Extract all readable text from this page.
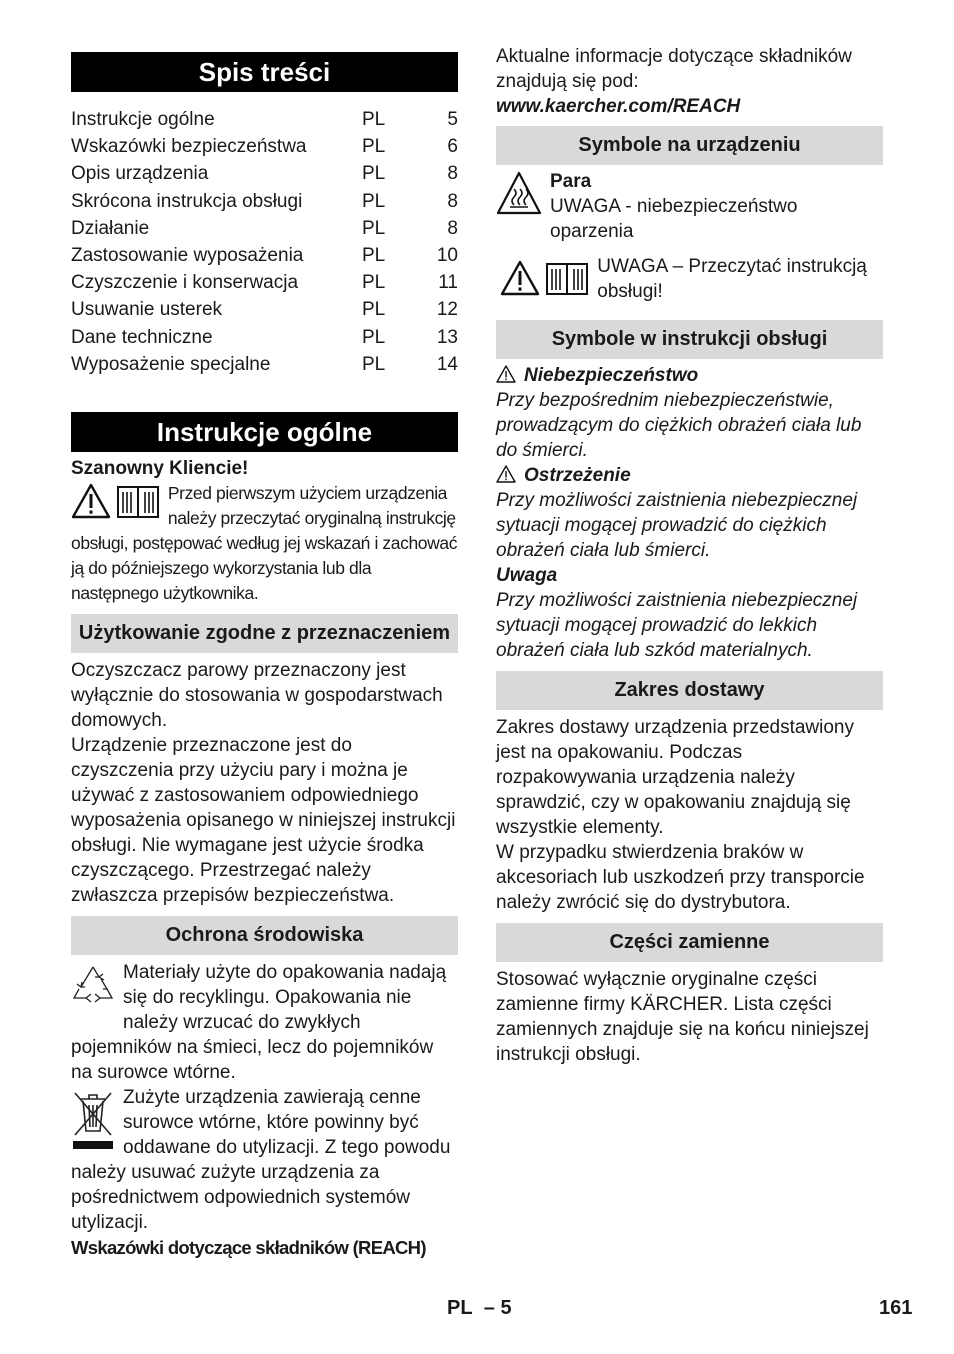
Spis treści
Instrukcje ogólne	PL	5
Wskazówki bezpieczeństwa	PL	6
Opis urządzenia	PL	8
Skrócona instrukcja obsługi	PL	8
Działanie	PL	8
Zastosowanie wyposażenia	PL	10
Czyszczenie i konserwacja	PL	11
Usuwanie usterek	PL	12
Dane techniczne	PL	13
Wyposażenie specjalne	PL	14
Instrukcje ogólne

Szanowny Kliencie!

Przed pierwszym użyciem urządzenia należy przeczytać oryginalną instrukcję obsługi, postępować według jej wskazań i zachować ją do późniejszego wykorzystania lub dla następnego użytkownika.

Użytkowanie zgodne z przeznaczeniem

Oczyszczacz parowy przeznaczony jest wyłącznie do stosowania w gospodarstwach domowych.

Urządzenie przeznaczone jest do czyszczenia przy użyciu pary i można je używać z zastosowaniem odpowiedniego wyposażenia opisanego w niniejszej instrukcji obsługi. Nie wymagane jest użycie środka czyszczącego. Przestrzegać należy zwłaszcza przepisów bezpieczeństwa.

Ochrona środowiska

Materiały użyte do opakowania nadają się do recyklingu. Opakowania nie należy wrzucać do zwykłych pojemników na śmieci, lecz do pojemników na surowce wtórne.

Zużyte urządzenia zawierają cenne surowce wtórne, które powinny być oddawane do utylizacji. Z tego powodu należy usuwać zużyte urządzenia za pośrednictwem odpowiednich systemów utylizacji.

Wskazówki dotyczące składników (REACH)

Aktualne informacje dotyczące składników znajdują się pod:

www.kaercher.com/REACH

Symbole na urządzeniu

Para

UWAGA - niebezpieczeństwo oparzenia

UWAGA – Przeczytać instrukcją obsługi!

Symbole w instrukcji obsługi

Niebezpieczeństwo

Przy bezpośrednim niebezpieczeństwie, prowadzącym do ciężkich obrażeń ciała lub do śmierci.

Ostrzeżenie

Przy możliwości zaistnienia niebezpiecznej sytuacji mogącej prowadzić do ciężkich obrażeń ciała lub śmierci.

Uwaga

Przy możliwości zaistnienia niebezpiecznej sytuacji mogącej prowadzić do lekkich obrażeń ciała lub szkód materialnych.

Zakres dostawy

Zakres dostawy urządzenia przedstawiony jest na opakowaniu. Podczas rozpakowywania urządzenia należy sprawdzić, czy w opakowaniu znajdują się wszystkie elementy.

W przypadku stwierdzenia braków w akcesoriach lub uszkodzeń przy transporcie należy zwrócić się do dystrybutora.

Części zamienne

Stosować wyłącznie oryginalne części zamienne firmy KÄRCHER. Lista części zamiennych znajduje się na końcu niniejszej instrukcji obsługi.

PL – 5	161
